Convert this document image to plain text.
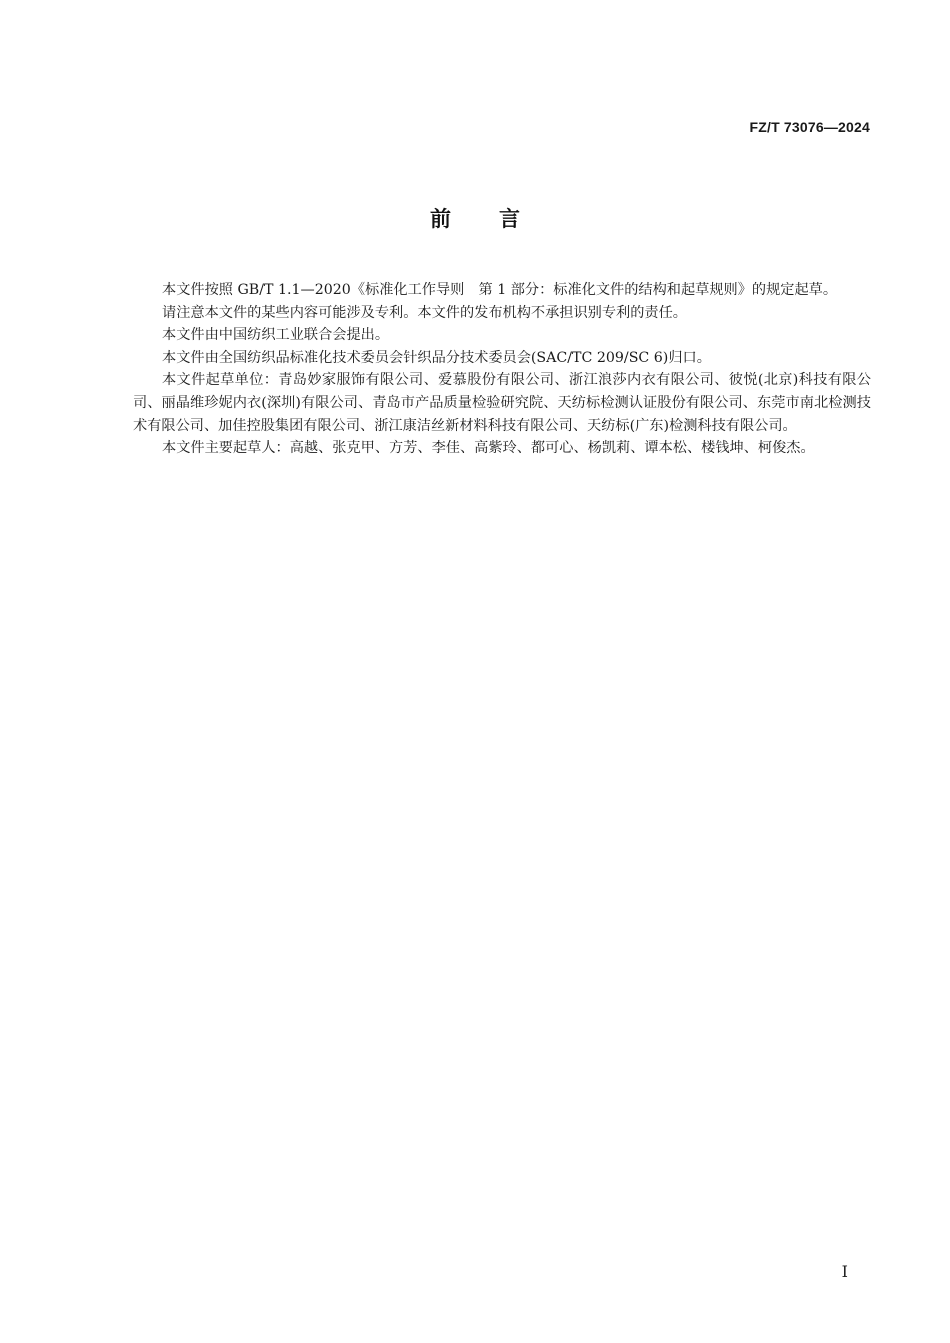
FZ/T 73076—2024
前言

本文件按照 GB/T 1.1—2020《标准化工作导则　第 1 部分：标准化文件的结构和起草规则》的规定起草。

请注意本文件的某些内容可能涉及专利。本文件的发布机构不承担识别专利的责任。

本文件由中国纺织工业联合会提出。

本文件由全国纺织品标准化技术委员会针织品分技术委员会(SAC/TC 209/SC 6)归口。

本文件起草单位：青岛妙家服饰有限公司、爱慕股份有限公司、浙江浪莎内衣有限公司、彼悦(北京)科技有限公司、丽晶维珍妮内衣(深圳)有限公司、青岛市产品质量检验研究院、天纺标检测认证股份有限公司、东莞市南北检测技术有限公司、加佳控股集团有限公司、浙江康洁丝新材料科技有限公司、天纺标(广东)检测科技有限公司。

本文件主要起草人：高越、张克甲、方芳、李佳、高紫玲、都可心、杨凯莉、谭本松、楼钱坤、柯俊杰。

I
